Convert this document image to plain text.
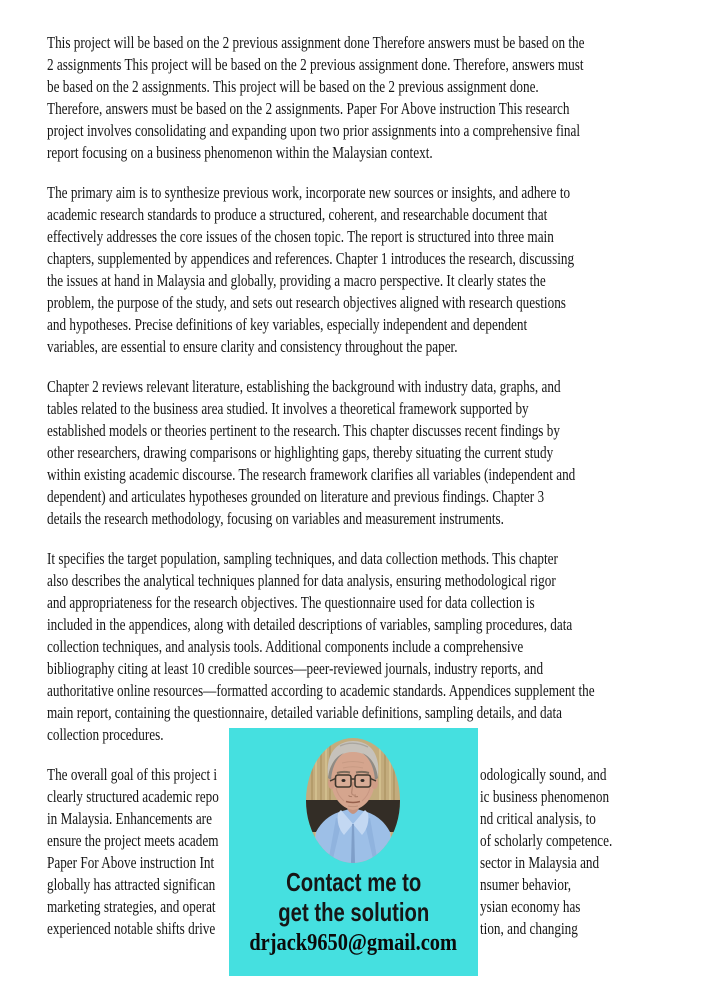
This project will be based on the 2 previous assignment done Therefore answers must be based on the
2 assignments This project will be based on the 2 previous assignment done. Therefore, answers must
be based on the 2 assignments. This project will be based on the 2 previous assignment done.
Therefore, answers must be based on the 2 assignments. Paper For Above instruction This research
project involves consolidating and expanding upon two prior assignments into a comprehensive final
report focusing on a business phenomenon within the Malaysian context.
The primary aim is to synthesize previous work, incorporate new sources or insights, and adhere to
academic research standards to produce a structured, coherent, and researchable document that
effectively addresses the core issues of the chosen topic. The report is structured into three main
chapters, supplemented by appendices and references. Chapter 1 introduces the research, discussing
the issues at hand in Malaysia and globally, providing a macro perspective. It clearly states the
problem, the purpose of the study, and sets out research objectives aligned with research questions
and hypotheses. Precise definitions of key variables, especially independent and dependent
variables, are essential to ensure clarity and consistency throughout the paper.
Chapter 2 reviews relevant literature, establishing the background with industry data, graphs, and
tables related to the business area studied. It involves a theoretical framework supported by
established models or theories pertinent to the research. This chapter discusses recent findings by
other researchers, drawing comparisons or highlighting gaps, thereby situating the current study
within existing academic discourse. The research framework clarifies all variables (independent and
dependent) and articulates hypotheses grounded on literature and previous findings. Chapter 3
details the research methodology, focusing on variables and measurement instruments.
It specifies the target population, sampling techniques, and data collection methods. This chapter
also describes the analytical techniques planned for data analysis, ensuring methodological rigor
and appropriateness for the research objectives. The questionnaire used for data collection is
included in the appendices, along with detailed descriptions of variables, sampling procedures, data
collection techniques, and analysis tools. Additional components include a comprehensive
bibliography citing at least 10 credible sources—peer-reviewed journals, industry reports, and
authoritative online resources—formatted according to academic standards. Appendices supplement the
main report, containing the questionnaire, detailed variable definitions, sampling details, and data
collection procedures.
The overall goal of this project i	odologically sound, and
clearly structured academic repo	ic business phenomenon
in Malaysia. Enhancements are	nd critical analysis, to
ensure the project meets academ	of scholarly competence.
Paper For Above instruction Int	sector in Malaysia and
globally has attracted significan	nsumer behavior,
marketing strategies, and operat	ysian economy has
experienced notable shifts drive	tion, and changing
Contact me to
get the solution
drjack9650@gmail.com
